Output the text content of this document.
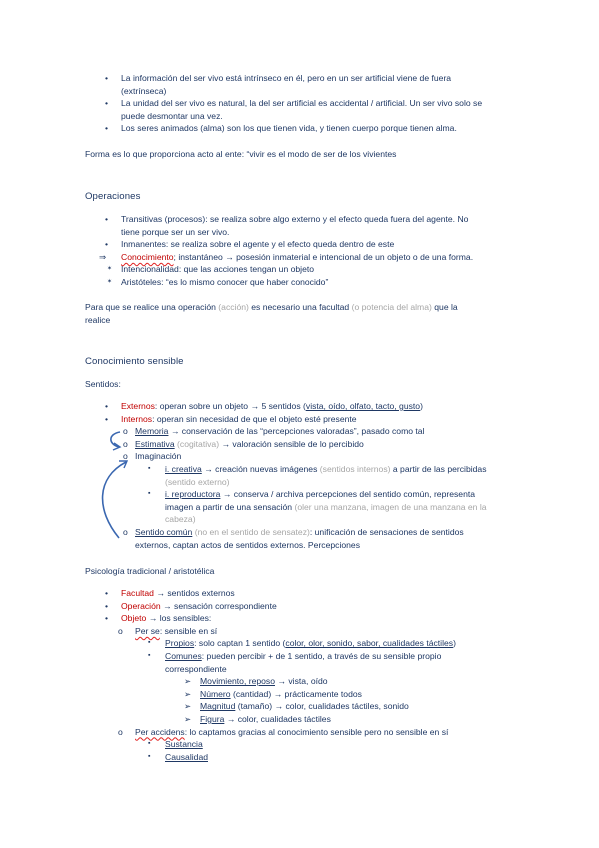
• La información del ser vivo está intrínseco en él, pero en un ser artificial viene de fuera
(extrínseca)
• La unidad del ser vivo es natural, la del ser artificial es accidental / artificial. Un ser vivo solo se
puede desmontar una vez.
• Los seres animados (alma) son los que tienen vida, y tienen cuerpo porque tienen alma.
Forma es lo que proporciona acto al ente: “vivir es el modo de ser de los vivientes
Operaciones
• Transitivas (procesos): se realiza sobre algo externo y el efecto queda fuera del agente. No
tiene porque ser un ser vivo.
• Inmanentes: se realiza sobre el agente y el efecto queda dentro de este
⇒ Conocimiento; instantáneo → posesión inmaterial e intencional de un objeto o de una forma.
✶ Intencionalidad: que las acciones tengan un objeto
✶ Aristóteles: “es lo mismo conocer que haber conocido”
Para que se realice una operación (acción) es necesario una facultad (o potencia del alma) que la
realice
Conocimiento sensible
Sentidos:
• Externos: operan sobre un objeto → 5 sentidos (vista, oído, olfato, tacto, gusto)
• Internos: operan sin necesidad de que el objeto esté presente
o Memoria → conservación de las “percepciones valoradas”, pasado como tal
o Estimativa (cogitativa) → valoración sensible de lo percibido
o Imaginación
▪ i. creativa → creación nuevas imágenes (sentidos internos) a partir de las percibidas
(sentido externo)
▪ i. reproductora → conserva / archiva percepciones del sentido común, representa
imagen a partir de una sensación (oler una manzana, imagen de una manzana en la
cabeza)
o Sentido común (no en el sentido de sensatez): unificación de sensaciones de sentidos
externos, captan actos de sentidos externos. Percepciones
Psicología tradicional / aristotélica
• Facultad → sentidos externos
• Operación → sensación correspondiente
• Objeto → los sensibles:
o Per se: sensible en sí
▪ Propios: solo captan 1 sentido (color, olor, sonido, sabor, cualidades táctiles)
▪ Comunes: pueden percibir + de 1 sentido, a través de su sensible propio
correspondiente
➢ Movimiento, reposo → vista, oído
➢ Número (cantidad) → prácticamente todos
➢ Magnitud (tamaño) → color, cualidades táctiles, sonido
➢ Figura → color, cualidades táctiles
o Per accidens: lo captamos gracias al conocimiento sensible pero no sensible en sí
▪ Sustancia
▪ Causalidad
